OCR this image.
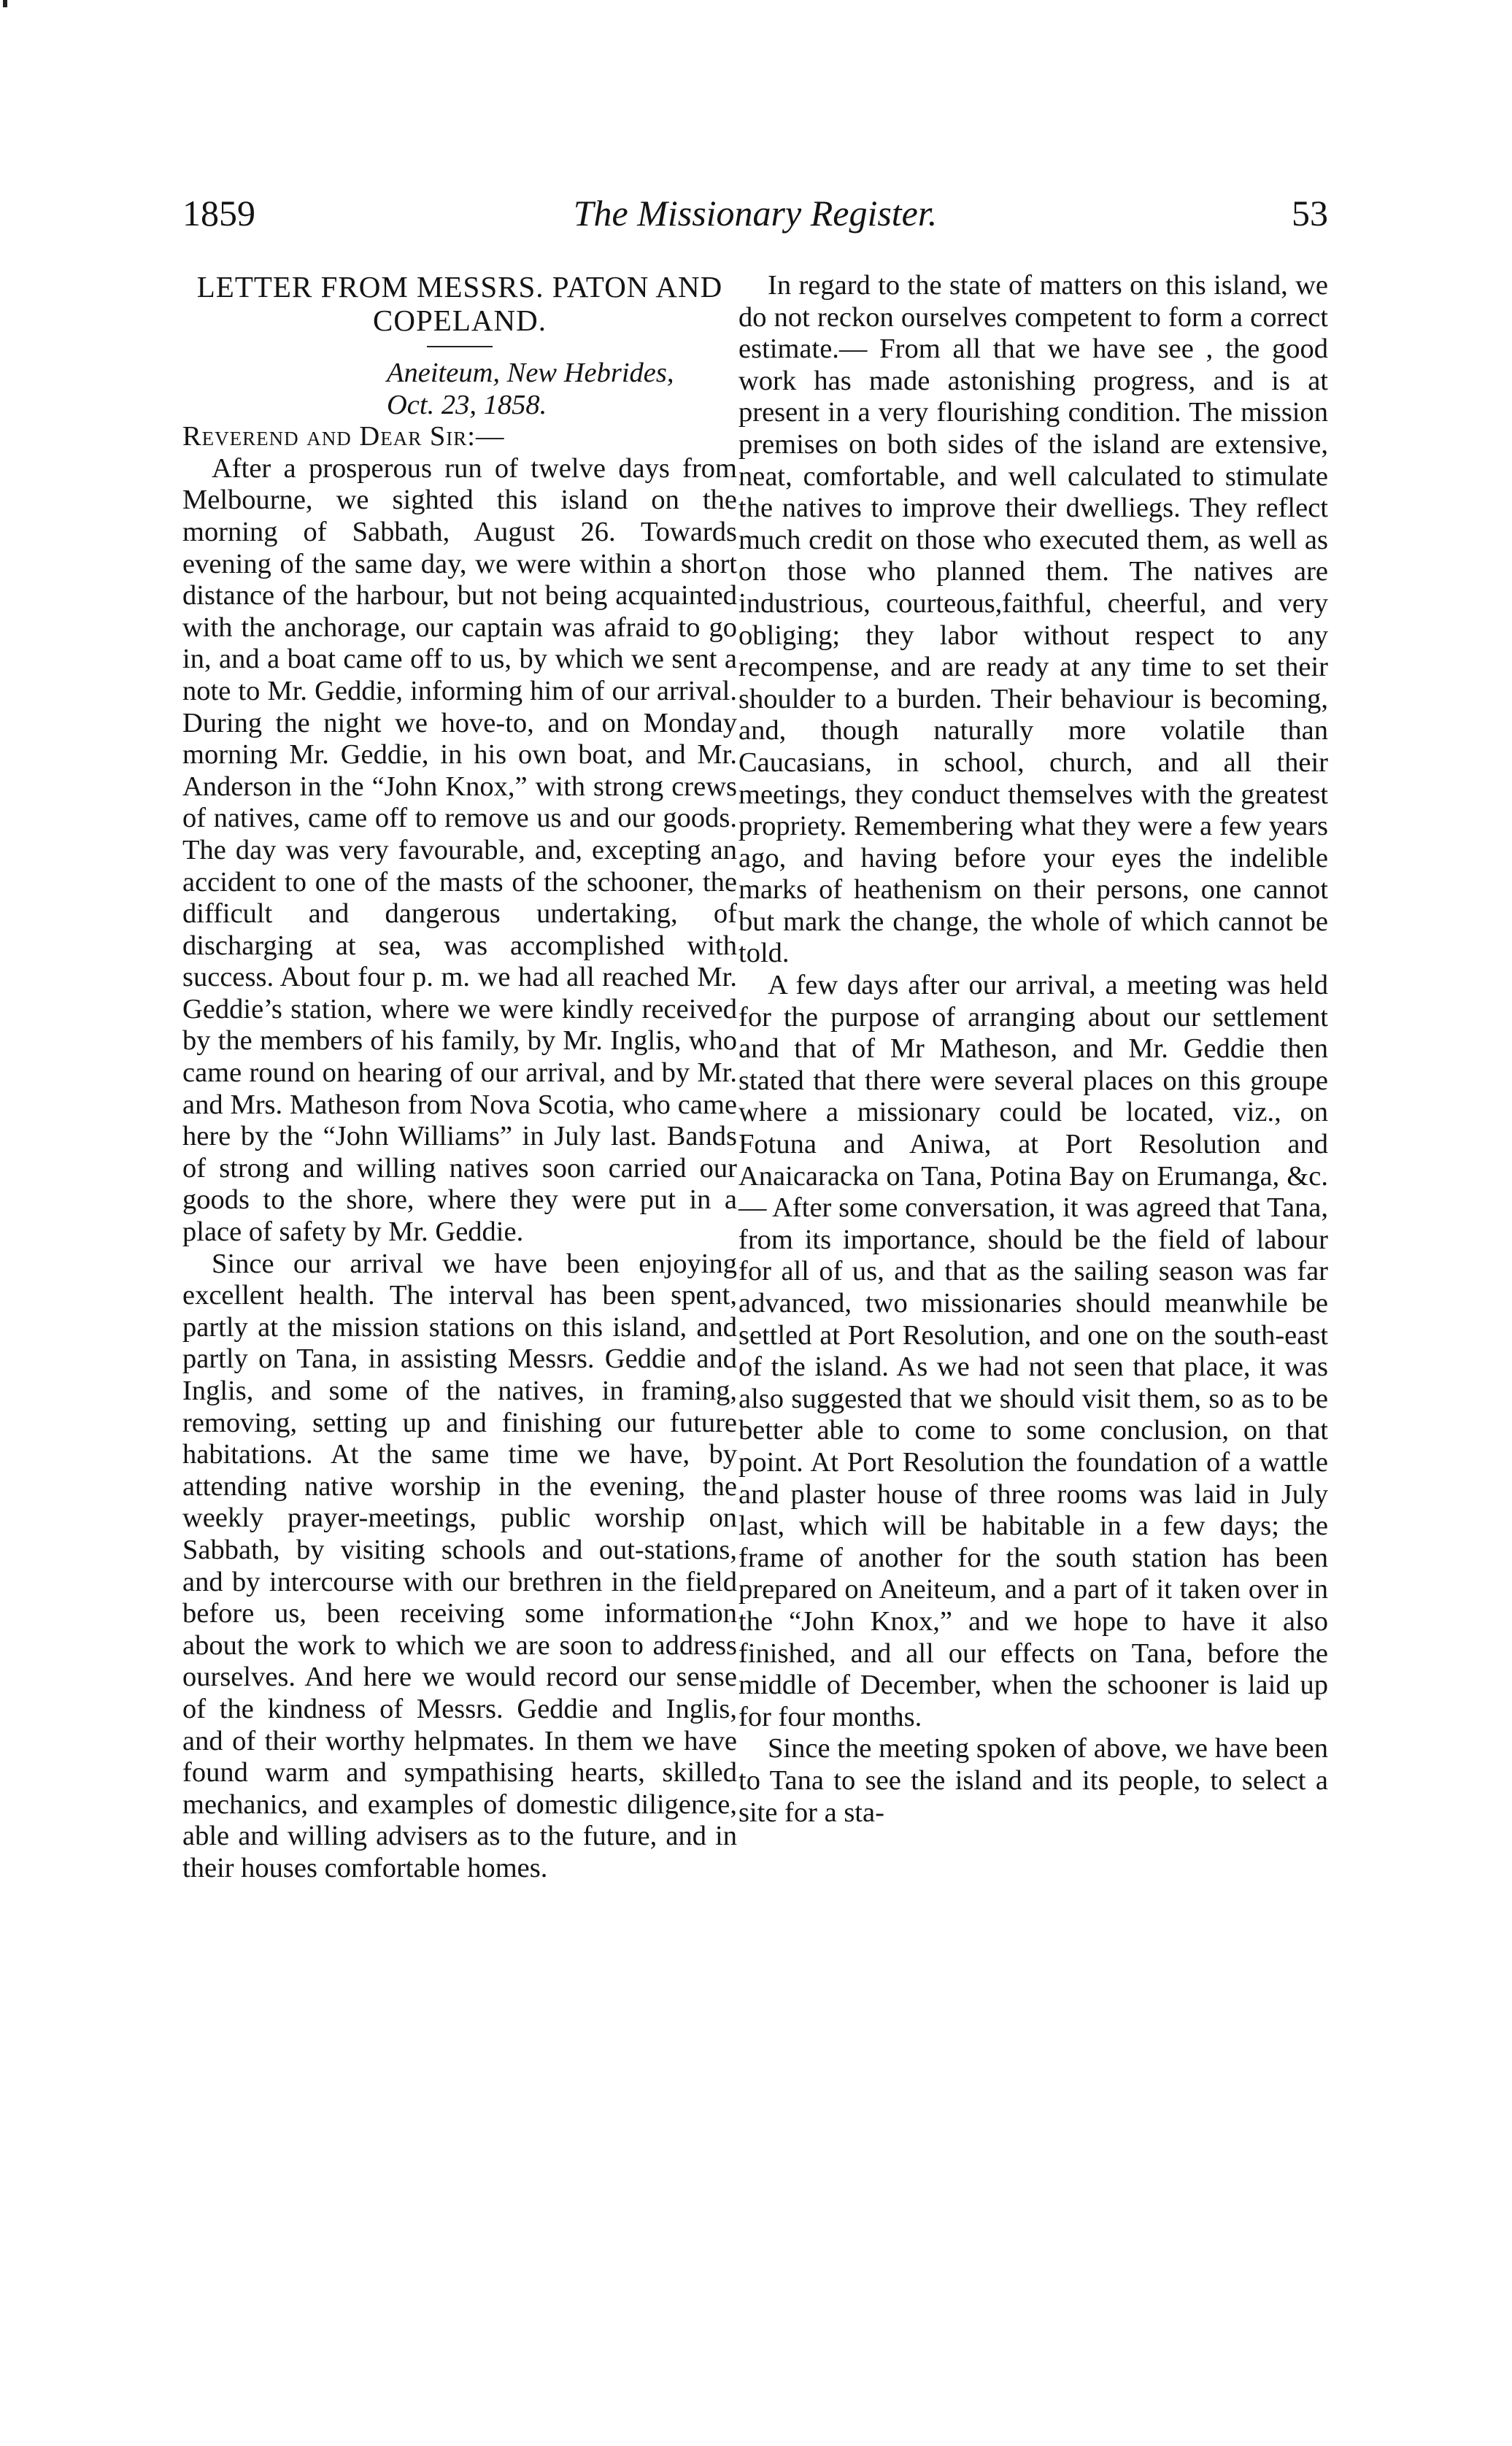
1859	The Missionary Register.	53
LETTER FROM MESSRS. PATON AND COPELAND.

Aneiteum, New Hebrides,
Oct. 23, 1858.

Reverend and Dear Sir:—

After a prosperous run of twelve days from Melbourne, we sighted this island on the morning of Sabbath, August 26. Towards evening of the same day, we were within a short distance of the harbour, but not being acquainted with the anchorage, our captain was afraid to go in, and a boat came off to us, by which we sent a note to Mr. Geddie, informing him of our arrival. During the night we hove-to, and on Monday morning Mr. Geddie, in his own boat, and Mr. Anderson in the “John Knox,” with strong crews of natives, came off to remove us and our goods. The day was very favourable, and, excepting an accident to one of the masts of the schooner, the difficult and dangerous undertaking, of discharging at sea, was accomplished with success. About four p. m. we had all reached Mr. Geddie’s station, where we were kindly received by the members of his family, by Mr. Inglis, who came round on hearing of our arrival, and by Mr. and Mrs. Matheson from Nova Scotia, who came here by the “John Williams” in July last. Bands of strong and willing natives soon carried our goods to the shore, where they were put in a place of safety by Mr. Geddie.

Since our arrival we have been enjoying excellent health. The interval has been spent, partly at the mission stations on this island, and partly on Tana, in assisting Messrs. Geddie and Inglis, and some of the natives, in framing, removing, setting up and finishing our future habitations. At the same time we have, by attending native worship in the evening, the weekly prayer-meetings, public worship on Sabbath, by visiting schools and out-stations, and by intercourse with our brethren in the field before us, been receiving some information about the work to which we are soon to address ourselves. And here we would record our sense of the kindness of Messrs. Geddie and Inglis, and of their worthy helpmates. In them we have found warm and sympathising hearts, skilled mechanics, and examples of domestic diligence, able and willing advisers as to the future, and in their houses comfortable homes.

In regard to the state of matters on this island, we do not reckon ourselves competent to form a correct estimate.— From all that we have see , the good work has made astonishing progress, and is at present in a very flourishing condition. The mission premises on both sides of the island are extensive, neat, comfortable, and well calculated to stimulate the natives to improve their dwelliegs. They reflect much credit on those who executed them, as well as on those who planned them. The natives are industrious, courteous,faithful, cheerful, and very obliging; they labor without respect to any recompense, and are ready at any time to set their shoulder to a burden. Their behaviour is becoming, and, though naturally more volatile than Caucasians, in school, church, and all their meetings, they conduct themselves with the greatest propriety. Remembering what they were a few years ago, and having before your eyes the indelible marks of heathenism on their persons, one cannot but mark the change, the whole of which cannot be told.

A few days after our arrival, a meeting was held for the purpose of arranging about our settlement and that of Mr Matheson, and Mr. Geddie then stated that there were several places on this groupe where a missionary could be located, viz., on Fotuna and Aniwa, at Port Resolution and Anaicaracka on Tana, Potina Bay on Erumanga, &c.— After some conversation, it was agreed that Tana, from its importance, should be the field of labour for all of us, and that as the sailing season was far advanced, two missionaries should meanwhile be settled at Port Resolution, and one on the south-east of the island. As we had not seen that place, it was also suggested that we should visit them, so as to be better able to come to some conclusion, on that point. At Port Resolution the foundation of a wattle and plaster house of three rooms was laid in July last, which will be habitable in a few days; the frame of another for the south station has been prepared on Aneiteum, and a part of it taken over in the “John Knox,” and we hope to have it also finished, and all our effects on Tana, before the middle of December, when the schooner is laid up for four months.

Since the meeting spoken of above, we have been to Tana to see the island and its people, to select a site for a sta-
